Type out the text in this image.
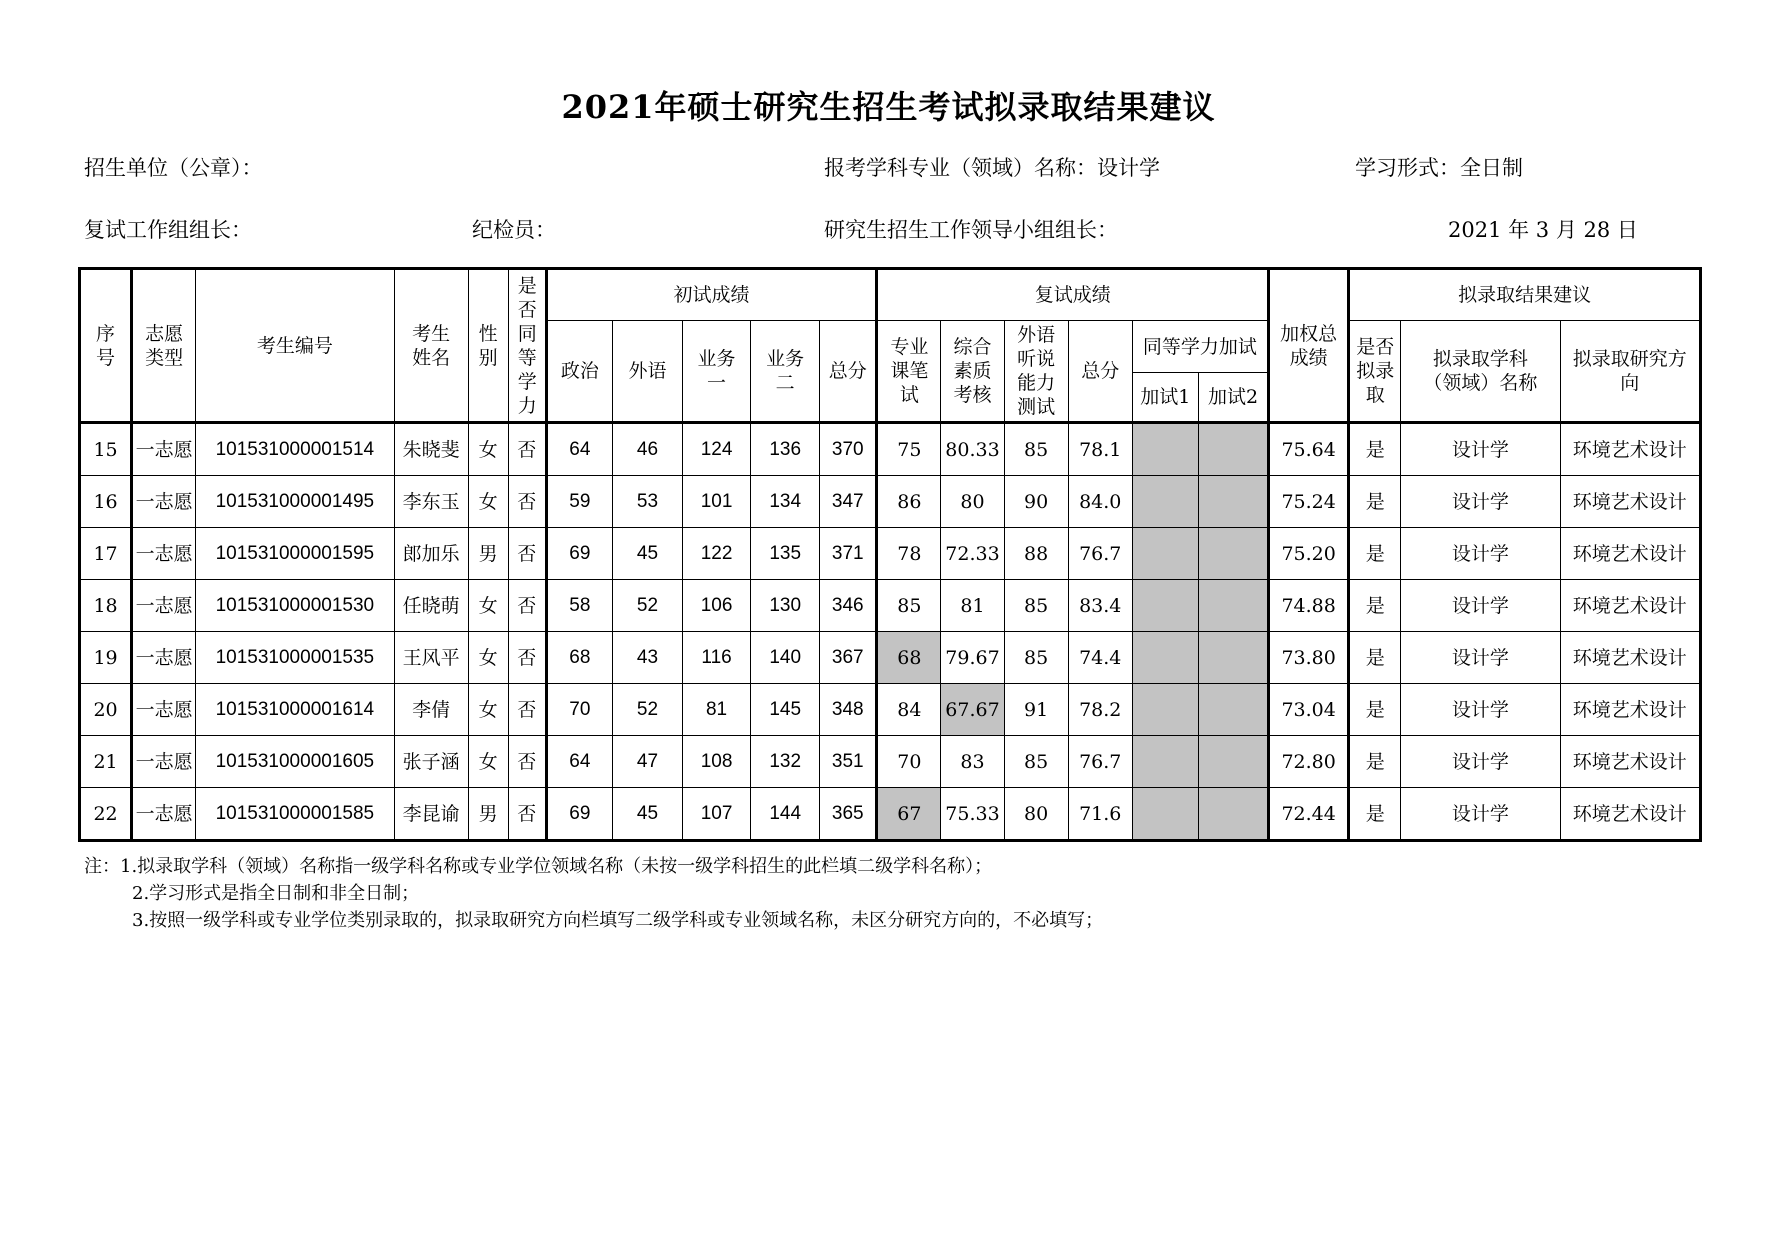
2021年硕士研究生招生考试拟录取结果建议
招生单位（公章）：	报考学科专业（领域）名称：设计学	学习形式：全日制
复试工作组组长：	纪检员：	研究生招生工作领导小组组长：	2021 年 3 月 28 日
序号	志愿类型	考生编号	考生姓名	性别	是否同等学力	初试成绩					复试成绩						加权总成绩	拟录取结果建议		
						政治	外语	业务一	业务二	总分	专业课笔试	综合素质考核	外语听说能力测试	总分	同等学力加试			是否拟录取	拟录取学科（领域）名称	拟录取研究方向
															加试1	加试2				
15	一志愿	101531000001514	朱晓斐	女	否	64	46	124	136	370	75	80.33	85	78.1			75.64	是	设计学	环境艺术设计
16	一志愿	101531000001495	李东玉	女	否	59	53	101	134	347	86	80	90	84.0			75.24	是	设计学	环境艺术设计
17	一志愿	101531000001595	郎加乐	男	否	69	45	122	135	371	78	72.33	88	76.7			75.20	是	设计学	环境艺术设计
18	一志愿	101531000001530	任晓萌	女	否	58	52	106	130	346	85	81	85	83.4			74.88	是	设计学	环境艺术设计
19	一志愿	101531000001535	王风平	女	否	68	43	116	140	367	68	79.67	85	74.4			73.80	是	设计学	环境艺术设计
20	一志愿	101531000001614	李倩	女	否	70	52	81	145	348	84	67.67	91	78.2			73.04	是	设计学	环境艺术设计
21	一志愿	101531000001605	张子涵	女	否	64	47	108	132	351	70	83	85	76.7			72.80	是	设计学	环境艺术设计
22	一志愿	101531000001585	李昆谕	男	否	69	45	107	144	365	67	75.33	80	71.6			72.44	是	设计学	环境艺术设计
注：1.拟录取学科（领域）名称指一级学科名称或专业学位领域名称（未按一级学科招生的此栏填二级学科名称）；
2.学习形式是指全日制和非全日制；
3.按照一级学科或专业学位类别录取的，拟录取研究方向栏填写二级学科或专业领域名称，未区分研究方向的，不必填写；
